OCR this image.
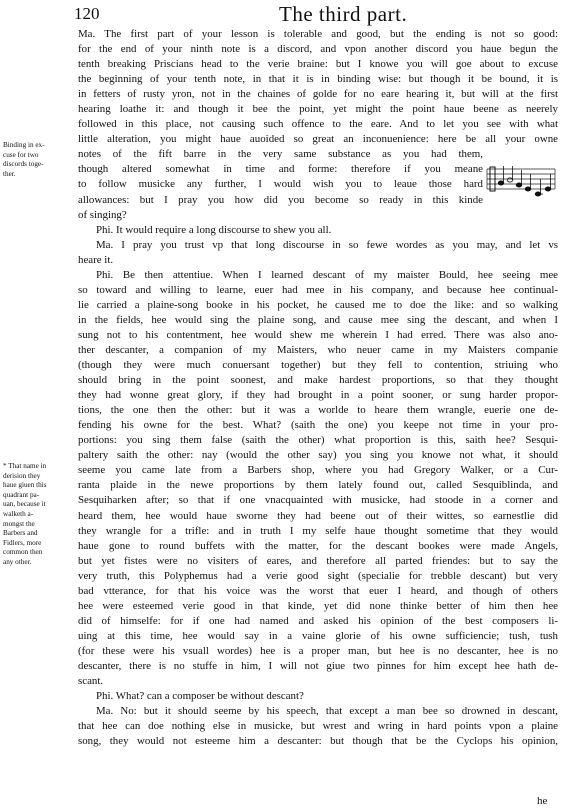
120	The third part.
Ma. The first part of your lesson is tolerable and good, but the ending is not so good:
for the end of your ninth note is a discord, and vpon another discord you haue begun the
tenth breaking Priscians head to the verie braine: but I knowe you will goe about to excuse
the beginning of your tenth note, in that it is in binding wise: but though it be bound, it is
in fetters of rusty yron, not in the chaines of golde for no eare hearing it, but will at the first
hearing loathe it: and though it bee the point, yet might the point haue beene as neerely
followed in this place, not causing such offence to the eare. And to let you see with what
little alteration, you might haue auoided so great an inconuenience: here be all your owne
notes of the fift barre in the very same substance as you had them,
though altered somewhat in time and forme: therefore if you meane
to follow musicke any further, I would wish you to leaue those hard
allowances: but I pray you how did you become so ready in this kinde
of singing?
Phi. It would require a long discourse to shew you all.
Ma. I pray you trust vp that long discourse in so fewe wordes as you may, and let vs
heare it.
Phi. Be then attentiue. When I learned descant of my maister Bould, hee seeing mee
so toward and willing to learne, euer had mee in his company, and because hee continual-
lie carried a plaine-song booke in his pocket, he caused me to doe the like: and so walking
in the fields, hee would sing the plaine song, and cause mee sing the descant, and when I
sung not to his contentment, hee would shew me wherein I had erred. There was also ano-
ther descanter, a companion of my Maisters, who neuer came in my Maisters companie
(though they were much conuersant together) but they fell to contention, striuing who
should bring in the point soonest, and make hardest proportions, so that they thought
they had wonne great glory, if they had brought in a point sooner, or sung harder propor-
tions, the one then the other: but it was a worlde to heare them wrangle, euerie one de-
fending his owne for the best. What? (saith the one) you keepe not time in your pro-
portions: you sing them false (saith the other) what proportion is this, saith hee? Sesqui-
paltery saith the other: nay (would the other say) you sing you knowe not what, it should
seeme you came late from a Barbers shop, where you had Gregory Walker, or a Cur-
ranta plaide in the newe proportions by them lately found out, called Sesquiblinda, and
Sesquiharken after; so that if one vnacquainted with musicke, had stoode in a corner and
heard them, hee would haue sworne they had beene out of their wittes, so earnestlie did
they wrangle for a trifle: and in truth I my selfe haue thought sometime that they would
haue gone to round buffets with the matter, for the descant bookes were made Angels,
but yet fistes were no visiters of eares, and therefore all parted friendes: but to say the
very truth, this Polyphemus had a verie good sight (specialie for trebble descant) but very
bad vtterance, for that his voice was the worst that euer I heard, and though of others
hee were esteemed verie good in that kinde, yet did none thinke better of him then hee
did of himselfe: for if one had named and asked his opinion of the best composers li-
uing at this time, hee would say in a vaine glorie of his owne sufficiencie; tush, tush
(for these were his vsuall wordes) hee is a proper man, but hee is no descanter, hee is no
descanter, there is no stuffe in him, I will not giue two pinnes for him except hee hath de-
scant.
Phi. What? can a composer be without descant?
Ma. No: but it should seeme by his speech, that except a man bee so drowned in descant,
that hee can doe nothing else in musicke, but wrest and wring in hard points vpon a plaine
song, they would not esteeme him a descanter: but though that be the Cyclops his opinion,
Binding in ex-
cuse for two
discords toge-
ther.
* That name in
derision they
haue giuen this
quadrant pa-
uan, because it
walketh a-
mongst the
Barbers and
Fidlers, more
common then
any other.
he
